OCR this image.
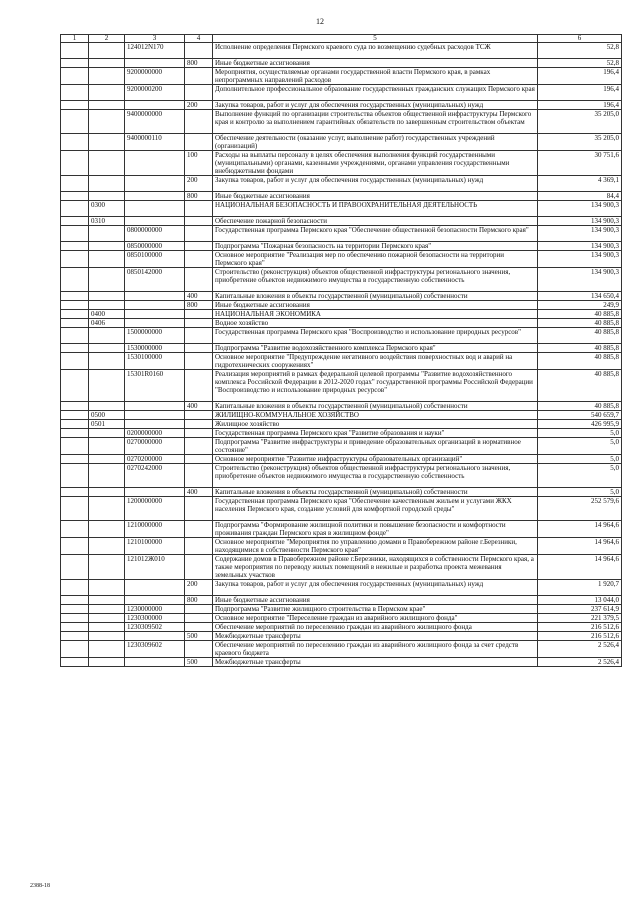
12
1	2	3	4	5	6
		124012N170		Исполнение определения Пермского краевого суда по возмещению судебных расходов ТСЖ	52,8
			800	Иные бюджетные ассигнования	52,8
		9200000000		Мероприятия, осуществляемые органами государственной власти Пермского края, в рамках непрограммных направлений расходов	196,4
		9200000200		Дополнительное профессиональное образование государственных гражданских служащих Пермского края	196,4
			200	Закупка товаров, работ и услуг для обеспечения государственных (муниципальных) нужд	196,4
		9400000000		Выполнение функций по организации строительства объектов общественной инфраструктуры Пермского края и контролю за выполнением гарантийных обязательств по завершенным строительством объектам	35 205,0
		9400000110		Обеспечение деятельности (оказание услуг, выполнение работ) государственных учреждений (организаций)	35 205,0
			100	Расходы на выплаты персоналу в целях обеспечения выполнения функций государственными (муниципальными) органами, казенными учреждениями, органами управления государственными внебюджетными фондами	30 751,6
			200	Закупка товаров, работ и услуг для обеспечения государственных (муниципальных) нужд	4 369,1
			800	Иные бюджетные ассигнования	84,4
	0300			НАЦИОНАЛЬНАЯ БЕЗОПАСНОСТЬ И ПРАВООХРАНИТЕЛЬНАЯ ДЕЯТЕЛЬНОСТЬ	134 900,3
	0310			Обеспечение пожарной безопасности	134 900,3
		0800000000		Государственная программа Пермского края "Обеспечение общественной безопасности Пермского края"	134 900,3
		0850000000		Подпрограмма "Пожарная безопасность на территории Пермского края"	134 900,3
		0850100000		Основное мероприятие "Реализация мер по обеспечению пожарной безопасности на территории Пермского края"	134 900,3
		0850142000		Строительство (реконструкция) объектов общественной инфраструктуры регионального значения, приобретение объектов недвижимого имущества в государственную собственность	134 900,3
			400	Капитальные вложения в объекты государственной (муниципальной) собственности	134 650,4
			800	Иные бюджетные ассигнования	249,9
	0400			НАЦИОНАЛЬНАЯ ЭКОНОМИКА	40 885,8
	0406			Водное хозяйство	40 885,8
		1500000000		Государственная программа Пермского края "Воспроизводство и использование природных ресурсов"	40 885,8
		1530000000		Подпрограмма "Развитие водохозяйственного комплекса Пермского края"	40 885,8
		1530100000		Основное мероприятие "Предупреждение негативного воздействия поверхностных вод и аварий на гидротехнических сооружениях"	40 885,8
		15301R0160		Реализация мероприятий в рамках федеральной целевой программы "Развитие водохозяйственного комплекса Российской Федерации в 2012-2020 годах" государственной программы Российской Федерации "Воспроизводство и использование природных ресурсов"	40 885,8
			400	Капитальные вложения в объекты государственной (муниципальной) собственности	40 885,8
	0500			ЖИЛИЩНО-КОММУНАЛЬНОЕ ХОЗЯЙСТВО	540 659,7
	0501			Жилищное хозяйство	426 995,9
		0200000000		Государственная программа Пермского края "Развитие образования и науки"	5,0
		0270000000		Подпрограмма "Развитие инфраструктуры и приведение образовательных организаций в нормативное состояние"	5,0
		0270200000		Основное мероприятие "Развитие инфраструктуры образовательных организаций"	5,0
		0270242000		Строительство (реконструкция) объектов общественной инфраструктуры регионального значения, приобретение объектов недвижимого имущества в государственную собственность	5,0
			400	Капитальные вложения в объекты государственной (муниципальной) собственности	5,0
		1200000000		Государственная программа Пермского края "Обеспечение качественным жильем и услугами ЖКХ населения Пермского края, создание условий для комфортной городской среды"	252 579,6
		1210000000		Подпрограмма "Формирование жилищной политики и повышение безопасности и комфортности проживания граждан Пермского края в жилищном фонде"	14 964,6
		1210100000		Основное мероприятие "Мероприятия по управлению домами в Правобережном районе г.Березники, находящимися в собственности Пермского края"	14 964,6
		121012Ж010		Содержание домов в Правобережном районе г.Березники, находящихся в собственности Пермского края, а также мероприятия по переводу жилых помещений в нежилые и разработка проекта межевания земельных участков	14 964,6
			200	Закупка товаров, работ и услуг для обеспечения государственных (муниципальных) нужд	1 920,7
			800	Иные бюджетные ассигнования	13 044,0
		1230000000		Подпрограмма "Развитие жилищного строительства в Пермском крае"	237 614,9
		1230300000		Основное мероприятие "Переселение граждан из аварийного жилищного фонда"	221 379,5
		1230309502		Обеспечение мероприятий по переселению граждан из аварийного жилищного фонда	216 512,6
			500	Межбюджетные трансферты	216 512,6
		1230309602		Обеспечение мероприятий по переселению граждан из аварийного жилищного фонда за счет средств краевого бюджета	2 526,4
			500	Межбюджетные трансферты	2 526,4
2388-18
